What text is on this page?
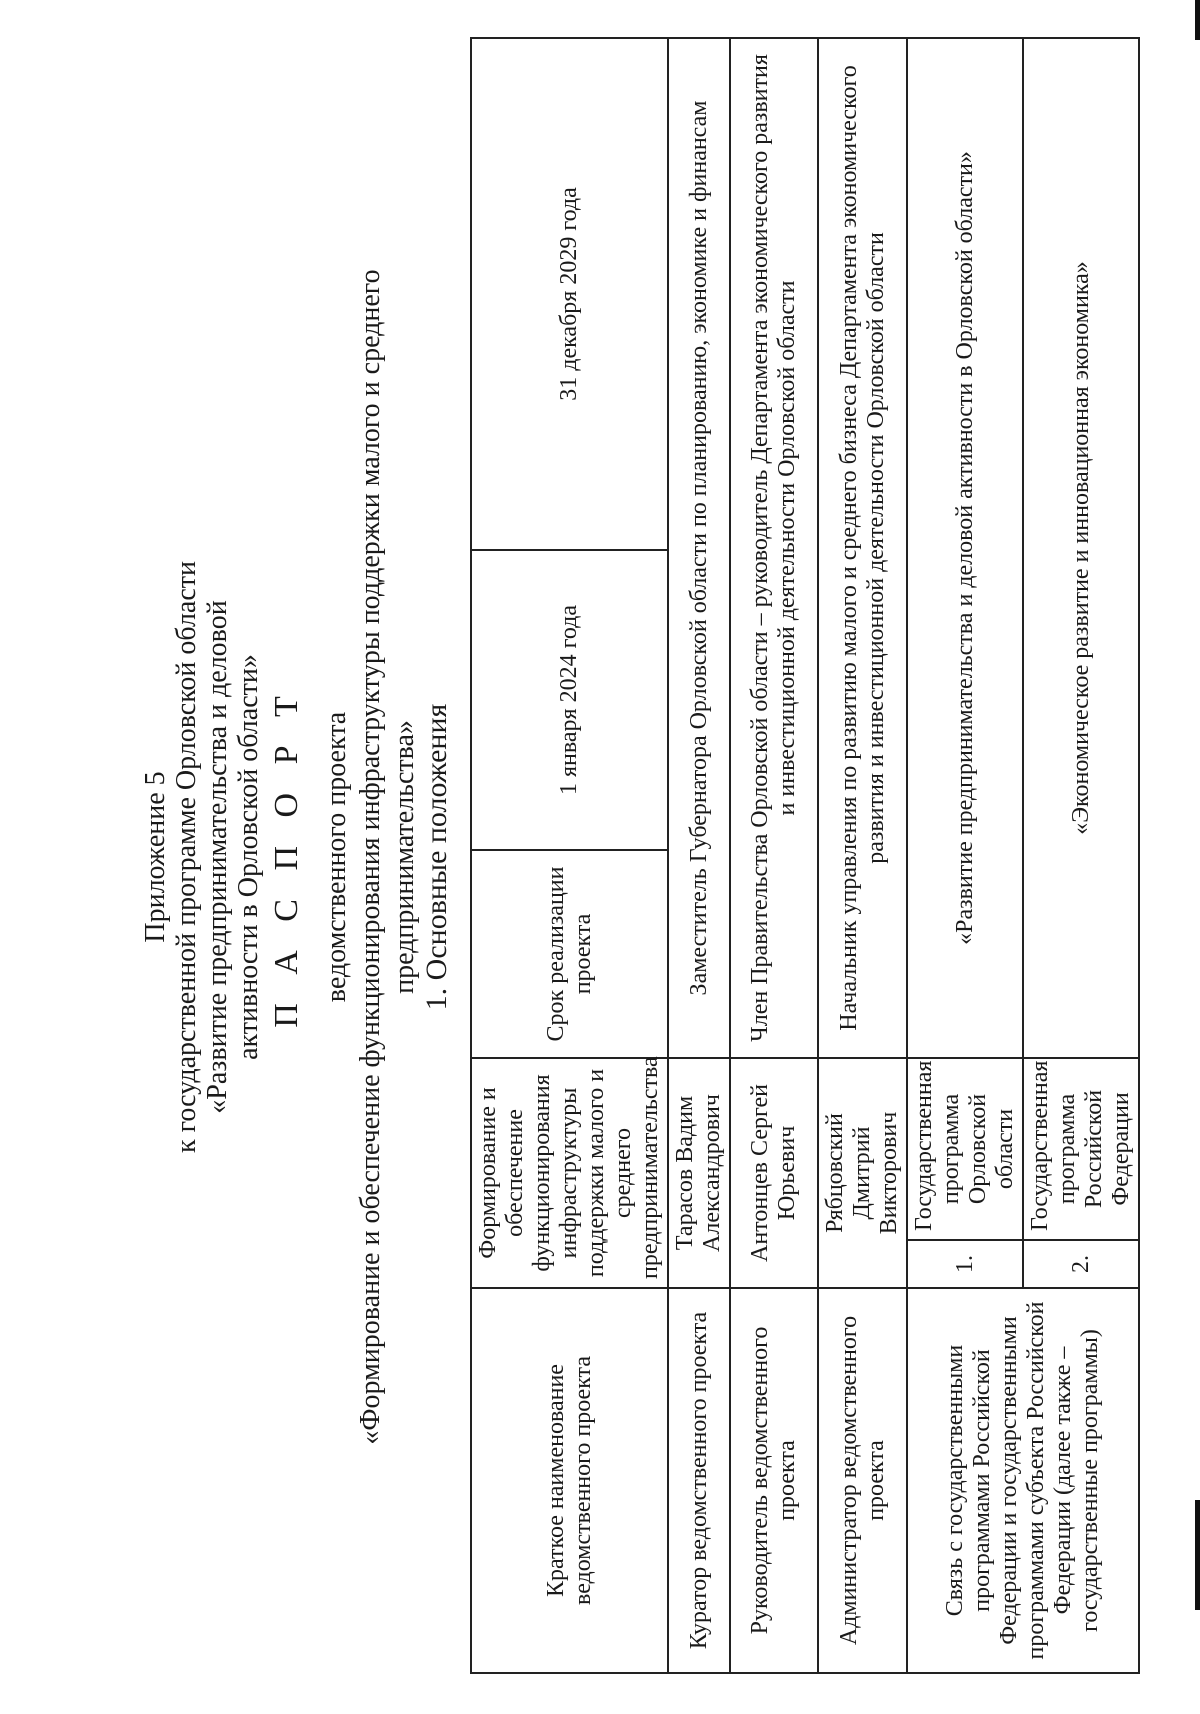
Приложение 5 к государственной программе Орловской области «Развитие предпринимательства и деловой активности в Орловской области» П А С П О Р Т ведомственного проекта «Формирование и обеспечение функционирования инфраструктуры поддержки малого и среднего предпринимательства» 1. Основные положения
Краткое наименование ведомственного проекта	Формирование и обеспечение функционирования инфраструктуры поддержки малого и среднего предпринимательства		Срок реализации проекта	1 января 2024 года	31 декабря 2029 года
Куратор ведомственного проекта	Тарасов Вадим Александрович		Заместитель Губернатора Орловской области по планированию, экономике и финансам		
Руководитель ведомственного проекта	Антонцев Сергей Юрьевич		Член Правительства Орловской области – руководитель Департамента экономического развития и инвестиционной деятельности Орловской области		
Администратор ведомственного проекта	Рябцовский Дмитрий Викторович		Начальник управления по развитию малого и среднего бизнеса Департамента экономического развития и инвестиционной деятельности Орловской области		
Связь с государственными программами Российской Федерации и государственными программами субъекта Российской Федерации (далее также – государственные программы)	1.	Государственная программа Орловской области	«Развитие предпринимательства и деловой активности в Орловской области»		
	2.	Государственная программа Российской Федерации	«Экономическое развитие и инновационная экономика»		
